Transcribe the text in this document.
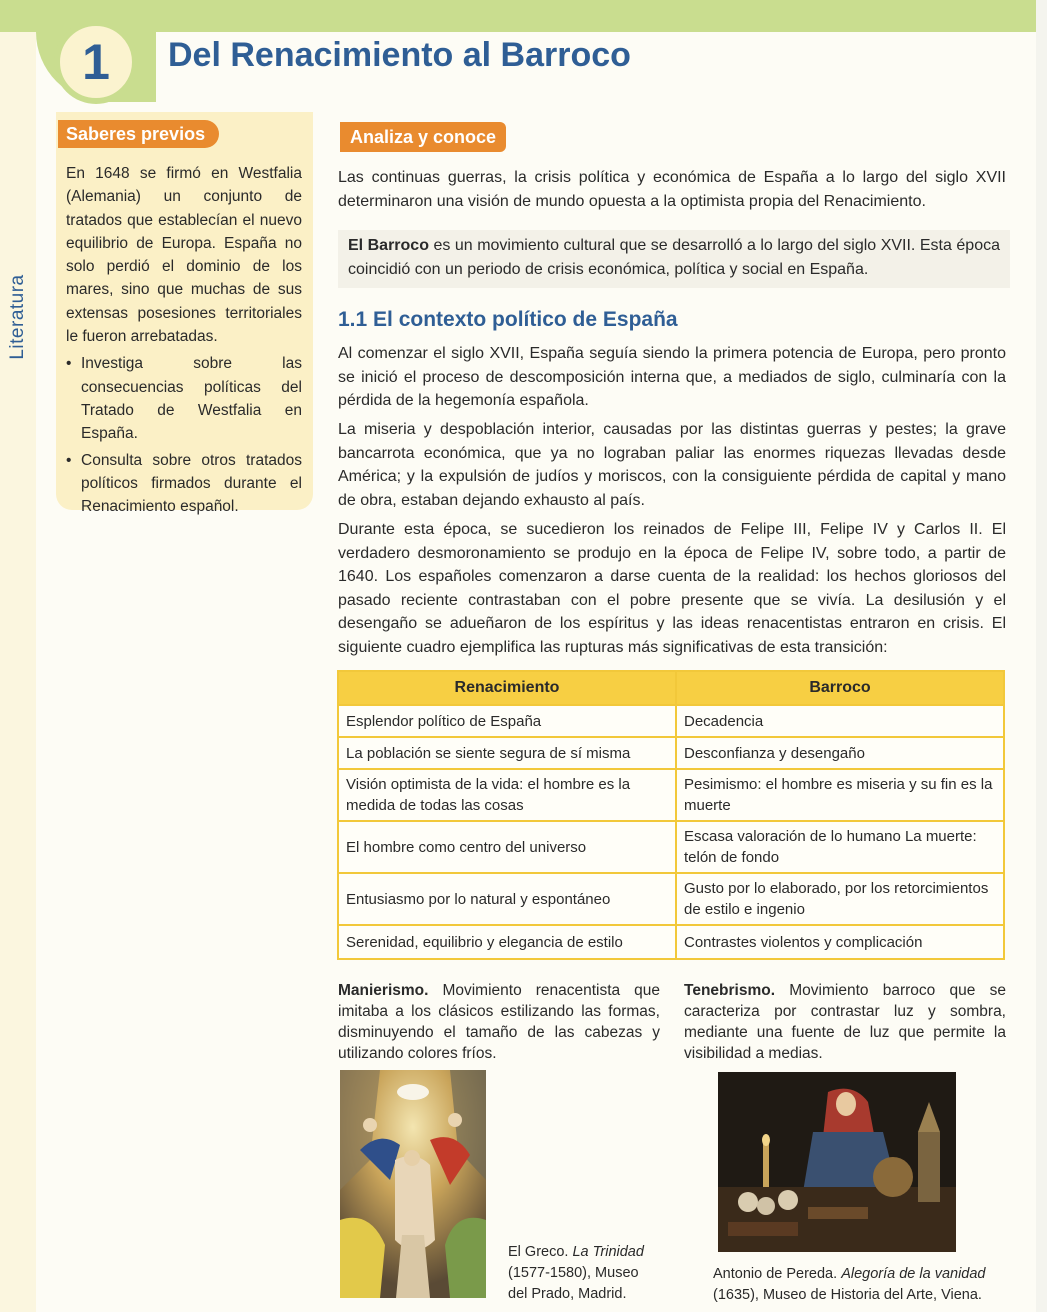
1 Del Renacimiento al Barroco
Literatura
Saberes previos
En 1648 se firmó en Westfalia (Alemania) un conjunto de tratados que establecían el nuevo equilibrio de Europa. España no solo perdió el dominio de los mares, sino que muchas de sus extensas posesiones territoriales le fueron arrebatadas.
• Investiga sobre las consecuencias políticas del Tratado de Westfalia en España.
• Consulta sobre otros tratados políticos firmados durante el Renacimiento español.
Analiza y conoce
Las continuas guerras, la crisis política y económica de España a lo largo del siglo XVII determinaron una visión de mundo opuesta a la optimista propia del Renacimiento.
El Barroco es un movimiento cultural que se desarrolló a lo largo del siglo XVII. Esta época coincidió con un periodo de crisis económica, política y social en España.
1.1 El contexto político de España
Al comenzar el siglo XVII, España seguía siendo la primera potencia de Europa, pero pronto se inició el proceso de descomposición interna que, a mediados de siglo, culminaría con la pérdida de la hegemonía española.
La miseria y despoblación interior, causadas por las distintas guerras y pestes; la grave bancarrota económica, que ya no lograban paliar las enormes riquezas llevadas desde América; y la expulsión de judíos y moriscos, con la consiguiente pérdida de capital y mano de obra, estaban dejando exhausto al país.
Durante esta época, se sucedieron los reinados de Felipe III, Felipe IV y Carlos II. El verdadero desmoronamiento se produjo en la época de Felipe IV, sobre todo, a partir de 1640. Los españoles comenzaron a darse cuenta de la realidad: los hechos gloriosos del pasado reciente contrastaban con el pobre presente que se vivía. La desilusión y el desengaño se adueñaron de los espíritus y las ideas renacentistas entraron en crisis. El siguiente cuadro ejemplifica las rupturas más significativas de esta transición:
Renacimiento	Barroco
Esplendor político de España	Decadencia
La población se siente segura de sí misma	Desconfianza y desengaño
Visión optimista de la vida: el hombre es la medida de todas las cosas	Pesimismo: el hombre es miseria y su fin es la muerte
El hombre como centro del universo	Escasa valoración de lo humano La muerte: telón de fondo
Entusiasmo por lo natural y espontáneo	Gusto por lo elaborado, por los retorcimientos de estilo e ingenio
Serenidad, equilibrio y elegancia de estilo	Contrastes violentos y complicación
Manierismo. Movimiento renacentista que imitaba a los clásicos estilizando las formas, disminuyendo el tamaño de las cabezas y utilizando colores fríos.
Tenebrismo. Movimiento barroco que se caracteriza por contrastar luz y sombra, mediante una fuente de luz que permite la visibilidad a medias.
El Greco. La Trinidad
(1577-1580), Museo
del Prado, Madrid.
Antonio de Pereda. Alegoría de la vanidad
(1635), Museo de Historia del Arte, Viena.
